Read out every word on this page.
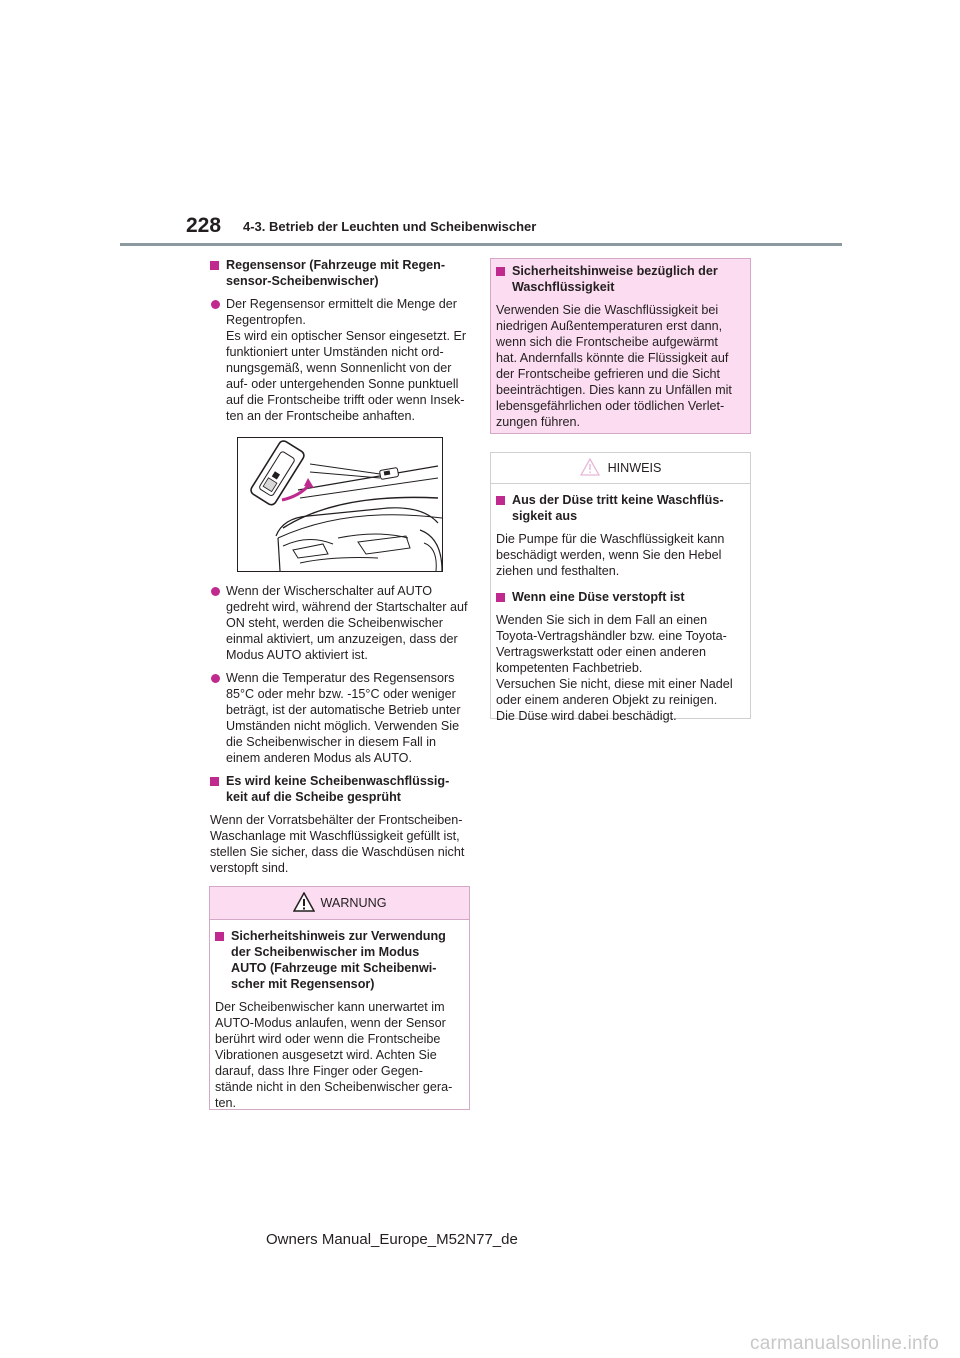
228 4-3. Betrieb der Leuchten und Scheibenwischer
Regensensor (Fahrzeuge mit Regen-
sensor-Scheibenwischer)
Der Regensensor ermittelt die Menge der
Regentropfen.
Es wird ein optischer Sensor eingesetzt. Er
funktioniert unter Umständen nicht ord-
nungsgemäß, wenn Sonnenlicht von der
auf- oder untergehenden Sonne punktuell
auf die Frontscheibe trifft oder wenn Insek-
ten an der Frontscheibe anhaften.
Wenn der Wischerschalter auf AUTO
gedreht wird, während der Startschalter auf
ON steht, werden die Scheibenwischer
einmal aktiviert, um anzuzeigen, dass der
Modus AUTO aktiviert ist.
Wenn die Temperatur des Regensensors
85°C oder mehr bzw. -15°C oder weniger
beträgt, ist der automatische Betrieb unter
Umständen nicht möglich. Verwenden Sie
die Scheibenwischer in diesem Fall in
einem anderen Modus als AUTO.
Es wird keine Scheibenwaschflüssig-
keit auf die Scheibe gesprüht
Wenn der Vorratsbehälter der Frontscheiben-
Waschanlage mit Waschflüssigkeit gefüllt ist,
stellen Sie sicher, dass die Waschdüsen nicht
verstopft sind.
WARNUNG
Sicherheitshinweis zur Verwendung
der Scheibenwischer im Modus
AUTO (Fahrzeuge mit Scheibenwi-
scher mit Regensensor)
Der Scheibenwischer kann unerwartet im
AUTO-Modus anlaufen, wenn der Sensor
berührt wird oder wenn die Frontscheibe
Vibrationen ausgesetzt wird. Achten Sie
darauf, dass Ihre Finger oder Gegen-
stände nicht in den Scheibenwischer gera-
ten.
Sicherheitshinweise bezüglich der
Waschflüssigkeit
Verwenden Sie die Waschflüssigkeit bei
niedrigen Außentemperaturen erst dann,
wenn sich die Frontscheibe aufgewärmt
hat. Andernfalls könnte die Flüssigkeit auf
der Frontscheibe gefrieren und die Sicht
beeinträchtigen. Dies kann zu Unfällen mit
lebensgefährlichen oder tödlichen Verlet-
zungen führen.
HINWEIS
Aus der Düse tritt keine Waschflüs-
sigkeit aus
Die Pumpe für die Waschflüssigkeit kann
beschädigt werden, wenn Sie den Hebel
ziehen und festhalten.
Wenn eine Düse verstopft ist
Wenden Sie sich in dem Fall an einen
Toyota-Vertragshändler bzw. eine Toyota-
Vertragswerkstatt oder einen anderen
kompetenten Fachbetrieb.
Versuchen Sie nicht, diese mit einer Nadel
oder einem anderen Objekt zu reinigen.
Die Düse wird dabei beschädigt.
Owners Manual_Europe_M52N77_de
carmanualsonline.info
